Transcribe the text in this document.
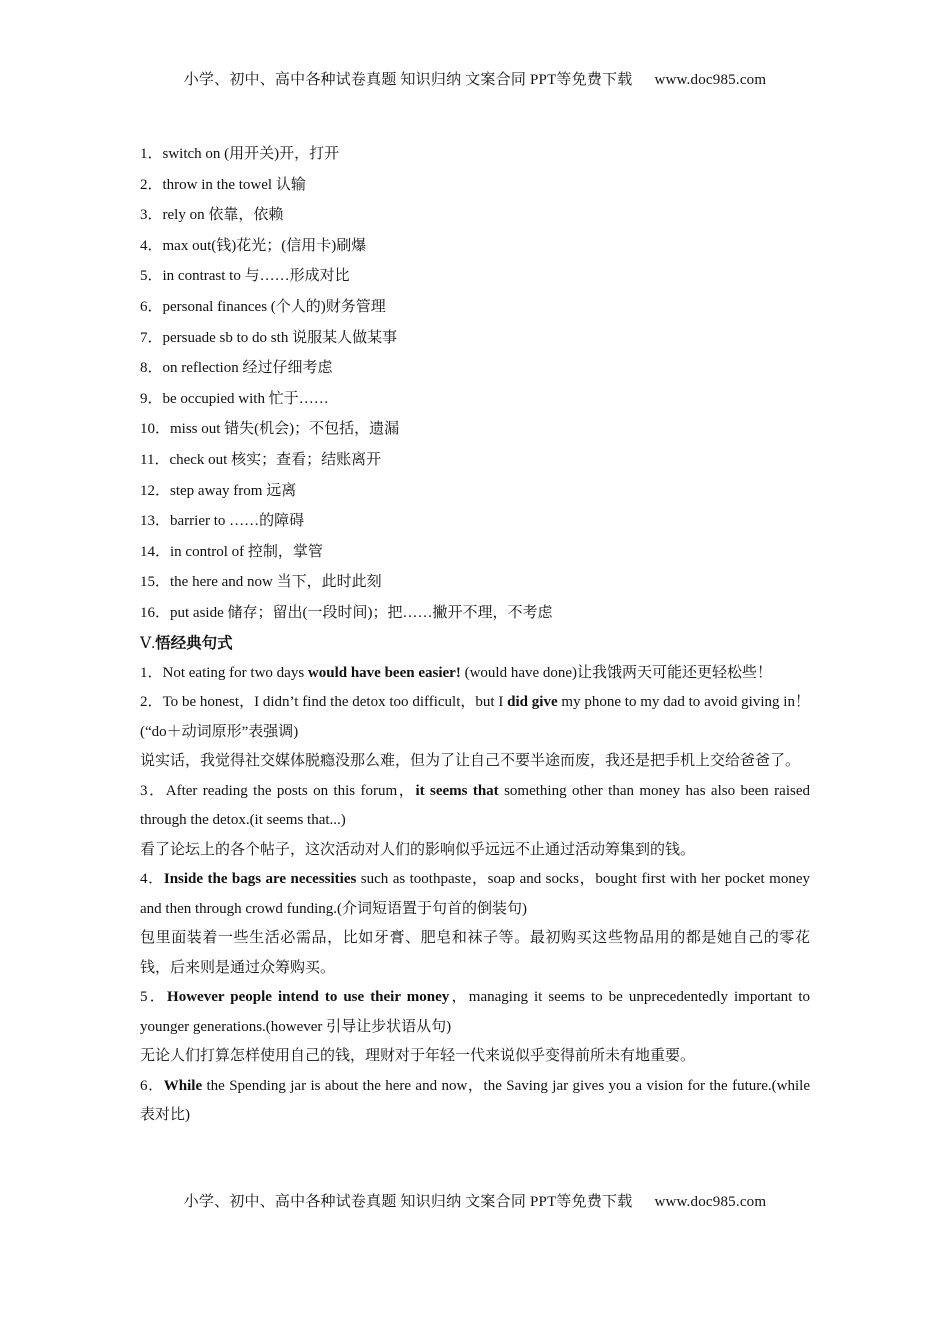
小学、初中、高中各种试卷真题 知识归纳 文案合同 PPT等免费下载 www.doc985.com
1．switch on (用开关)开，打开
2．throw in the towel 认输
3．rely on 依靠，依赖
4．max out(钱)花光；(信用卡)刷爆
5．in contrast to 与……形成对比
6．personal finances (个人的)财务管理
7．persuade sb to do sth 说服某人做某事
8．on reflection 经过仔细考虑
9．be occupied with 忙于……
10．miss out 错失(机会)；不包括，遗漏
11．check out 核实；查看；结账离开
12．step away from 远离
13．barrier to ……的障碍
14．in control of 控制，掌管
15．the here and now 当下，此时此刻
16．put aside 储存；留出(一段时间)；把……撇开不理，不考虑
Ⅴ.悟经典句式

1．Not eating for two days would have been easier! (would have done)让我饿两天可能还更轻松些！

2．To be honest，I didn’t find the detox too difficult，but I did give my phone to my dad to avoid giving in！(“do＋动词原形”表强调)

说实话，我觉得社交媒体脱瘾没那么难，但为了让自己不要半途而废，我还是把手机上交给爸爸了。

3．After reading the posts on this forum，it seems that something other than money has also been raised through the detox.(it seems that...)

看了论坛上的各个帖子，这次活动对人们的影响似乎远远不止通过活动筹集到的钱。

4．Inside the bags are necessities such as toothpaste，soap and socks，bought first with her pocket money and then through crowd funding.(介词短语置于句首的倒装句)

包里面装着一些生活必需品，比如牙膏、肥皂和袜子等。最初购买这些物品用的都是她自己的零花钱，后来则是通过众筹购买。

5．However people intend to use their money，managing it seems to be unprecedentedly important to younger generations.(however 引导让步状语从句)

无论人们打算怎样使用自己的钱，理财对于年轻一代来说似乎变得前所未有地重要。

6．While the Spending jar is about the here and now，the Saving jar gives you a vision for the future.(while 表对比)

小学、初中、高中各种试卷真题 知识归纳 文案合同 PPT等免费下载 www.doc985.com
